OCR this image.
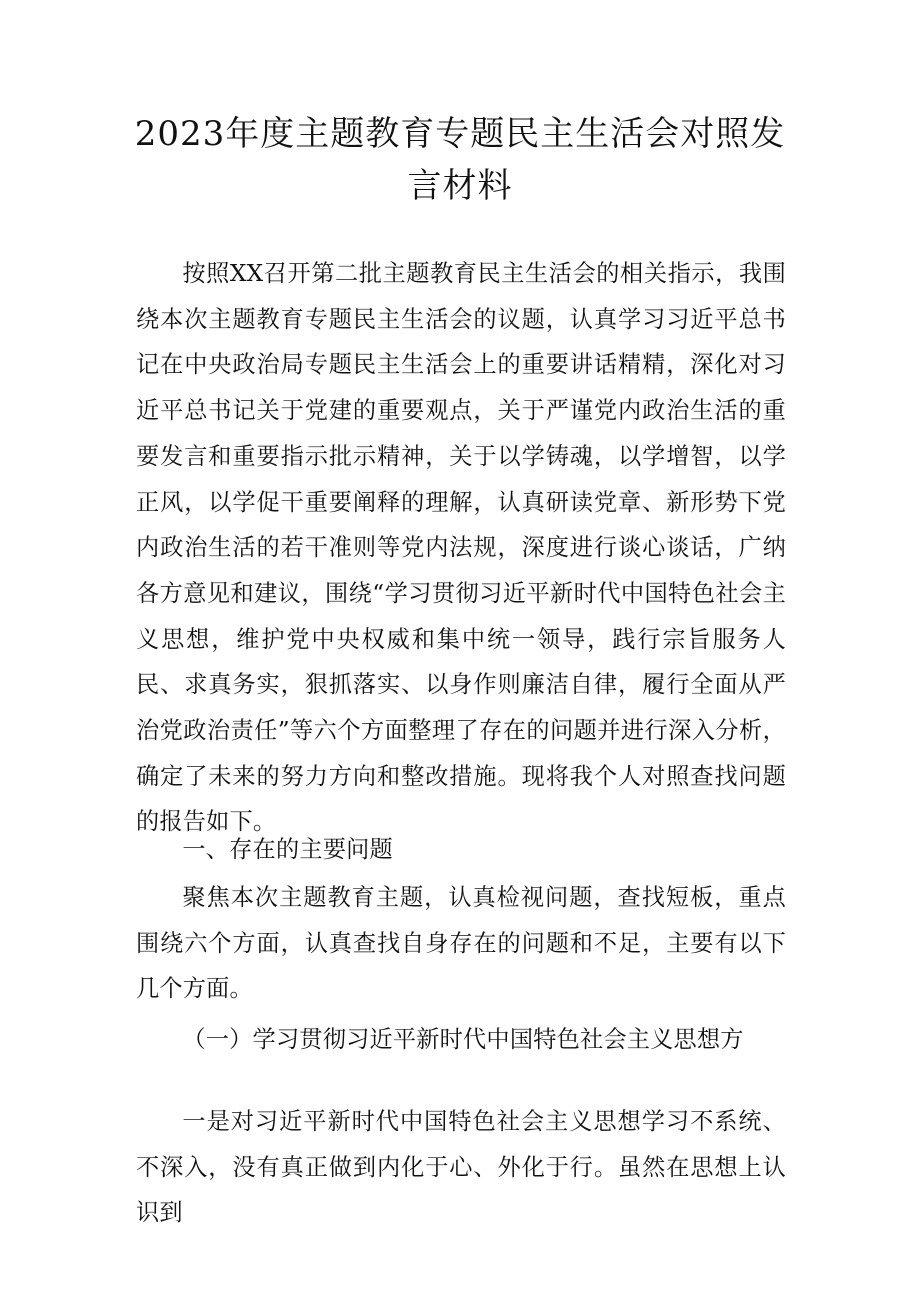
2023年度主题教育专题民主生活会对照发
言材料

按照XX召开第二批主题教育民主生活会的相关指示，我围绕本次主题教育专题民主生活会的议题，认真学习习近平总书记在中央政治局专题民主生活会上的重要讲话精精，深化对习近平总书记关于党建的重要观点，关于严谨党内政治生活的重要发言和重要指示批示精神，关于以学铸魂，以学增智，以学正风，以学促干重要阐释的理解，认真研读党章、新形势下党内政治生活的若干准则等党内法规，深度进行谈心谈话，广纳各方意见和建议，围绕“学习贯彻习近平新时代中国特色社会主义思想，维护党中央权威和集中统一领导，践行宗旨服务人民、求真务实，狠抓落实、以身作则廉洁自律，履行全面从严治党政治责任”等六个方面整理了存在的问题并进行深入分析，确定了未来的努力方向和整改措施。现将我个人对照查找问题的报告如下。

一、存在的主要问题

聚焦本次主题教育主题，认真检视问题，查找短板，重点围绕六个方面，认真查找自身存在的问题和不足，主要有以下几个方面。

（一）学习贯彻习近平新时代中国特色社会主义思想方

一是对习近平新时代中国特色社会主义思想学习不系统、不深入，没有真正做到内化于心、外化于行。虽然在思想上认识到
